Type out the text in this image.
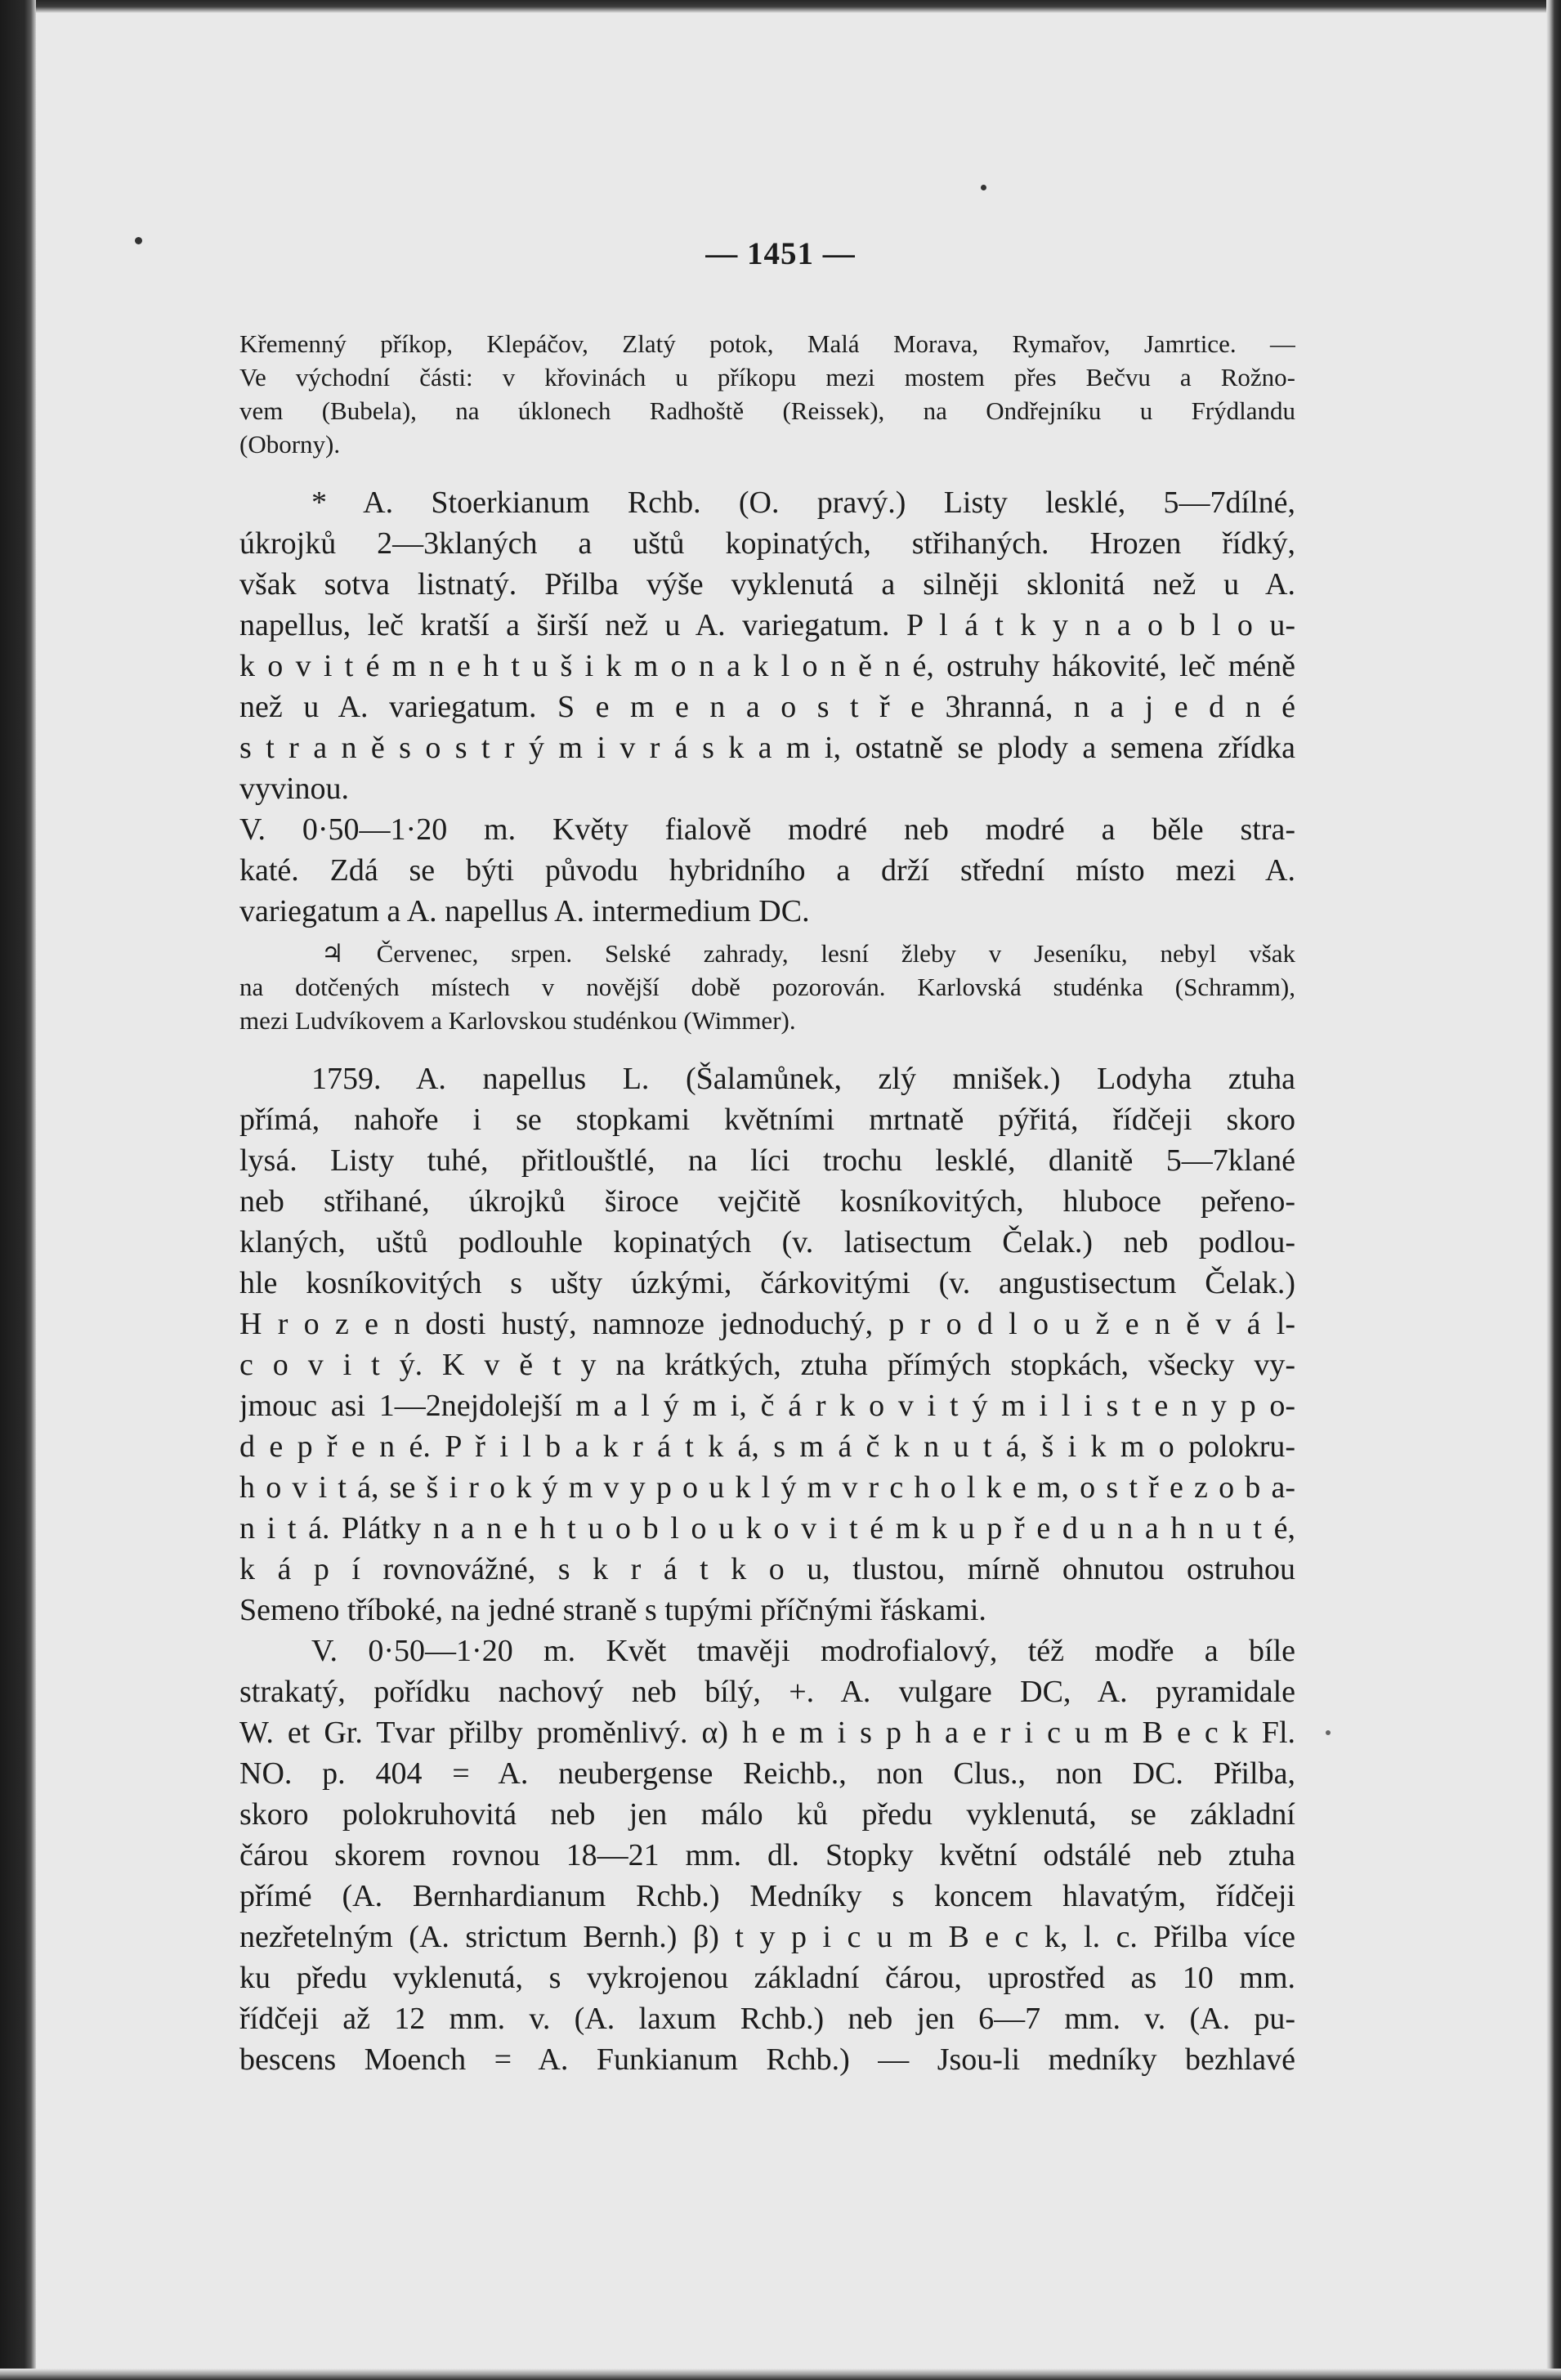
— 1451 —
Křemenný příkop, Klepáčov, Zlatý potok, Malá Morava, Rymařov, Jamrtice. —
Ve východní části: v křovinách u příkopu mezi mostem přes Bečvu a Rožno-
vem (Bubela), na úklonech Radhoště (Reissek), na Ondřejníku u Frýdlandu
(Oborny).
* A. Stoerkianum Rchb. (O. pravý.) Listy lesklé, 5—7dílné,
úkrojků 2—3klaných a uštů kopinatých, střihaných. Hrozen řídký,
však sotva listnatý. Přilba výše vyklenutá a silněji sklonitá než u A.
napellus, leč kratší a širší než u A. variegatum. P l á t k y n a o b l o u-
k o v i t é m n e h t u š i k m o n a k l o n ě n é, ostruhy hákovité, leč méně
než u A. variegatum. S e m e n a o s t ř e 3hranná, n a j e d n é
s t r a n ě s o s t r ý m i v r á s k a m i, ostatně se plody a semena zřídka
vyvinou.
V. 0·50—1·20 m. Květy fialově modré neb modré a běle stra-
katé. Zdá se býti původu hybridního a drží střední místo mezi A.
variegatum a A. napellus A. intermedium DC.
♃ Červenec, srpen. Selské zahrady, lesní žleby v Jeseníku, nebyl však
na dotčených místech v novější době pozorován. Karlovská studénka (Schramm),
mezi Ludvíkovem a Karlovskou studénkou (Wimmer).
1759. A. napellus L. (Šalamůnek, zlý mnišek.) Lodyha ztuha
přímá, nahoře i se stopkami květními mrtnatě pýřitá, řídčeji skoro
lysá. Listy tuhé, přitlouštlé, na líci trochu lesklé, dlanitě 5—7klané
neb střihané, úkrojků široce vejčitě kosníkovitých, hluboce peřeno-
klaných, uštů podlouhle kopinatých (v. latisectum Čelak.) neb podlou-
hle kosníkovitých s ušty úzkými, čárkovitými (v. angustisectum Čelak.)
H r o z e n dosti hustý, namnoze jednoduchý, p r o d l o u ž e n ě v á l-
c o v i t ý. K v ě t y na krátkých, ztuha přímých stopkách, všecky vy-
jmouc asi 1—2nejdolejší m a l ý m i, č á r k o v i t ý m i l i s t e n y p o-
d e p ř e n é. P ř i l b a k r á t k á, s m á č k n u t á, š i k m o polokru-
h o v i t á, se š i r o k ý m v y p o u k l ý m v r c h o l k e m, o s t ř e z o b a-
n i t á. Plátky n a n e h t u o b l o u k o v i t é m k u p ř e d u n a h n u t é,
k á p í rovnovážné, s k r á t k o u, tlustou, mírně ohnutou ostruhou
Semeno tříboké, na jedné straně s tupými příčnými řáskami.
V. 0·50—1·20 m. Květ tmavěji modrofialový, též modře a bíle
strakatý, pořídku nachový neb bílý, +. A. vulgare DC, A. pyramidale
W. et Gr. Tvar přilby proměnlivý. α) h e m i s p h a e r i c u m B e c k Fl.
NO. p. 404 = A. neubergense Reichb., non Clus., non DC. Přilba,
skoro polokruhovitá neb jen málo ků předu vyklenutá, se základní
čárou skorem rovnou 18—21 mm. dl. Stopky květní odstálé neb ztuha
přímé (A. Bernhardianum Rchb.) Medníky s koncem hlavatým, řídčeji
nezřetelným (A. strictum Bernh.) β) t y p i c u m B e c k, l. c. Přilba více
ku předu vyklenutá, s vykrojenou základní čárou, uprostřed as 10 mm.
řídčeji až 12 mm. v. (A. laxum Rchb.) neb jen 6—7 mm. v. (A. pu-
bescens Moench = A. Funkianum Rchb.) — Jsou-li medníky bezhlavé
